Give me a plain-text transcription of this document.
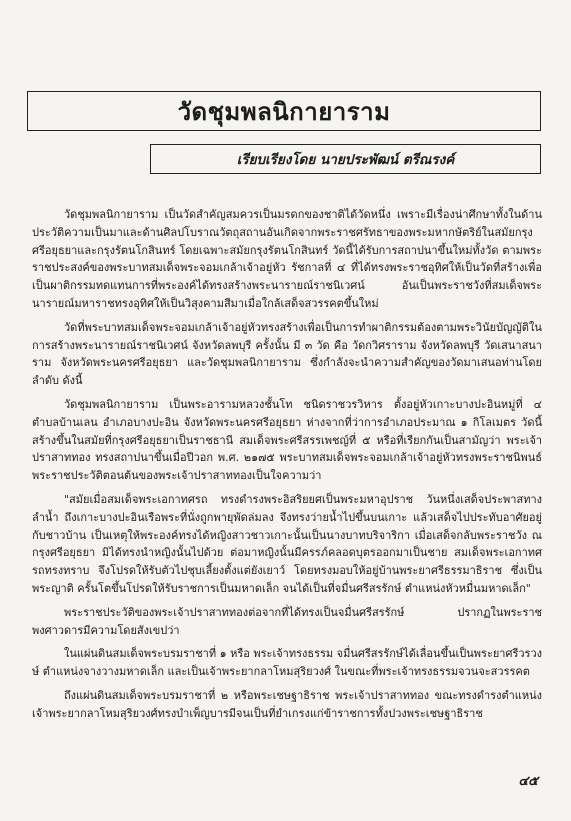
วัดชุมพลนิกายาราม
เรียบเรียงโดย นายประพัฒน์ ตรีณรงค์

วัดชุมพลนิกายาราม เป็นวัดสำคัญสมควรเป็นมรดกของชาติได้วัดหนึ่ง เพราะมีเรื่องน่าศึกษาทั้งในด้านประวัติความเป็นมาและด้านศิลปโบราณวัตถุสถานอันเกิดจากพระราชศรัทธาของพระมหากษัตริย์ในสมัยกรุงศรีอยุธยาและกรุงรัตนโกสินทร์ โดยเฉพาะสมัยกรุงรัตนโกสินทร์ วัดนี้ได้รับการสถาปนาขึ้นใหม่ทั้งวัด ตามพระราชประสงค์ของพระบาทสมเด็จพระจอมเกล้าเจ้าอยู่หัว รัชกาลที่ ๔ ที่ได้ทรงพระราชอุทิศให้เป็นวัดที่สร้างเพื่อเป็นผาติกรรมทดแทนการที่พระองค์ได้ทรงสร้างพระนารายณ์ราชนิเวศน์ อันเป็นพระราชวังที่สมเด็จพระนารายณ์มหาราชทรงอุทิศให้เป็นวิสุงคามสีมาเมื่อใกล้เสด็จสวรรคตขึ้นใหม่

วัดที่พระบาทสมเด็จพระจอมเกล้าเจ้าอยู่หัวทรงสร้างเพื่อเป็นการทำผาติกรรมต้องตามพระวินัยบัญญัติในการสร้างพระนารายณ์ราชนิเวศน์ จังหวัดลพบุรี ครั้งนั้น มี ๓ วัด คือ วัดกวิศราราม จังหวัดลพบุรี วัดเสนาสนาราม จังหวัดพระนครศรีอยุธยา และวัดชุมพลนิกายาราม ซึ่งกำลังจะนำความสำคัญของวัดมาเสนอท่านโดยลำดับ ดังนี้

วัดชุมพลนิกายาราม เป็นพระอารามหลวงชั้นโท ชนิดราชวรวิหาร ตั้งอยู่หัวเกาะบางปะอินหมู่ที่ ๔ ตำบลบ้านเลน อำเภอบางปะอิน จังหวัดพระนครศรีอยุธยา ห่างจากที่ว่าการอำเภอประมาณ ๑ กิโลเมตร วัดนี้สร้างขึ้นในสมัยที่กรุงศรีอยุธยาเป็นราชธานี สมเด็จพระศรีสรรเพชญ์ที่ ๕ หรือที่เรียกกันเป็นสามัญว่า พระเจ้าปราสาททอง ทรงสถาปนาขึ้นเมื่อปีวอก พ.ศ. ๒๑๗๕ พระบาทสมเด็จพระจอมเกล้าเจ้าอยู่หัวทรงพระราชนิพนธ์พระราชประวัติตอนต้นของพระเจ้าปราสาททองเป็นใจความว่า

"สมัยเมื่อสมเด็จพระเอกาทศรถ ทรงดำรงพระอิสริยยศเป็นพระมหาอุปราช วันหนึ่งเสด็จประพาสทางลำน้ำ ถึงเกาะบางปะอินเรือพระที่นั่งถูกพายุพัดล่มลง จึงทรงว่ายน้ำไปขึ้นบนเกาะ แล้วเสด็จไปประทับอาศัยอยู่กับชาวบ้าน เป็นเหตุให้พระองค์ทรงได้หญิงสาวชาวเกาะนั้นเป็นนางบาทบริจาริกา เมื่อเสด็จกลับพระราชวัง ณ กรุงศรีอยุธยา มิได้ทรงนำหญิงนั้นไปด้วย ต่อมาหญิงนั้นมีครรภ์คลอดบุตรออกมาเป็นชาย สมเด็จพระเอกาทศรถทรงทราบ จึงโปรดให้รับตัวไปชุบเลี้ยงตั้งแต่ยังเยาว์ โดยทรงมอบให้อยู่บ้านพระยาศรีธรรมาธิราช ซึ่งเป็นพระญาติ ครั้นโตขึ้นโปรดให้รับราชการเป็นมหาดเล็ก จนได้เป็นที่จมื่นศรีสรรักษ์ ตำแหน่งหัวหมื่นมหาดเล็ก"

พระราชประวัติของพระเจ้าปราสาททองต่อจากที่ได้ทรงเป็นจมื่นศรีสรรักษ์ ปรากฏในพระราชพงศาวดารมีความโดยสังเขปว่า

ในแผ่นดินสมเด็จพระบรมราชาที่ ๑ หรือ พระเจ้าทรงธรรม จมื่นศรีสรรักษ์ได้เลื่อนขึ้นเป็นพระยาศรีวรวงษ์ ตำแหน่งจางวางมหาดเล็ก และเป็นเจ้าพระยากลาโหมสุริยวงศ์ ในขณะที่พระเจ้าทรงธรรมจวนจะสวรรคต

ถึงแผ่นดินสมเด็จพระบรมราชาที่ ๒ หรือพระเชษฐาธิราช พระเจ้าปราสาททอง ขณะทรงดำรงตำแหน่งเจ้าพระยากลาโหมสุริยวงศ์ทรงบำเพ็ญบารมีจนเป็นที่ยำเกรงแก่ข้าราชการทั้งปวงพระเชษฐาธิราช

๔๕
